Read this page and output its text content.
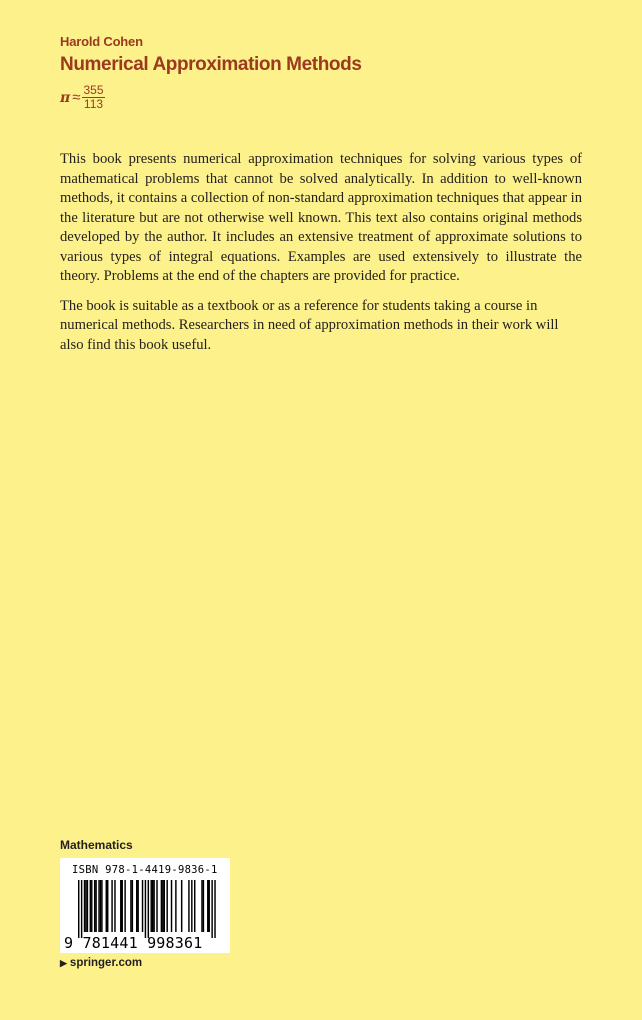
Harold Cohen
Numerical Approximation Methods
$\pi \approx \frac{355}{113}$

This book presents numerical approximation techniques for solving various types of mathematical problems that cannot be solved analytically. In addition to well-known methods, it contains a collection of non-standard approximation techniques that appear in the literature but are not otherwise well known. This text also contains original methods developed by the author. It includes an extensive treatment of approximate solutions to various types of integral equations. Examples are used extensively to illustrate the theory. Problems at the end of the chapters are provided for practice.

The book is suitable as a textbook or as a reference for students taking a course in numerical methods. Researchers in need of approximation methods in their work will also find this book useful.

Mathematics
ISBN 978-1-4419-9836-1
9 781441 998361
▶ springer.com
